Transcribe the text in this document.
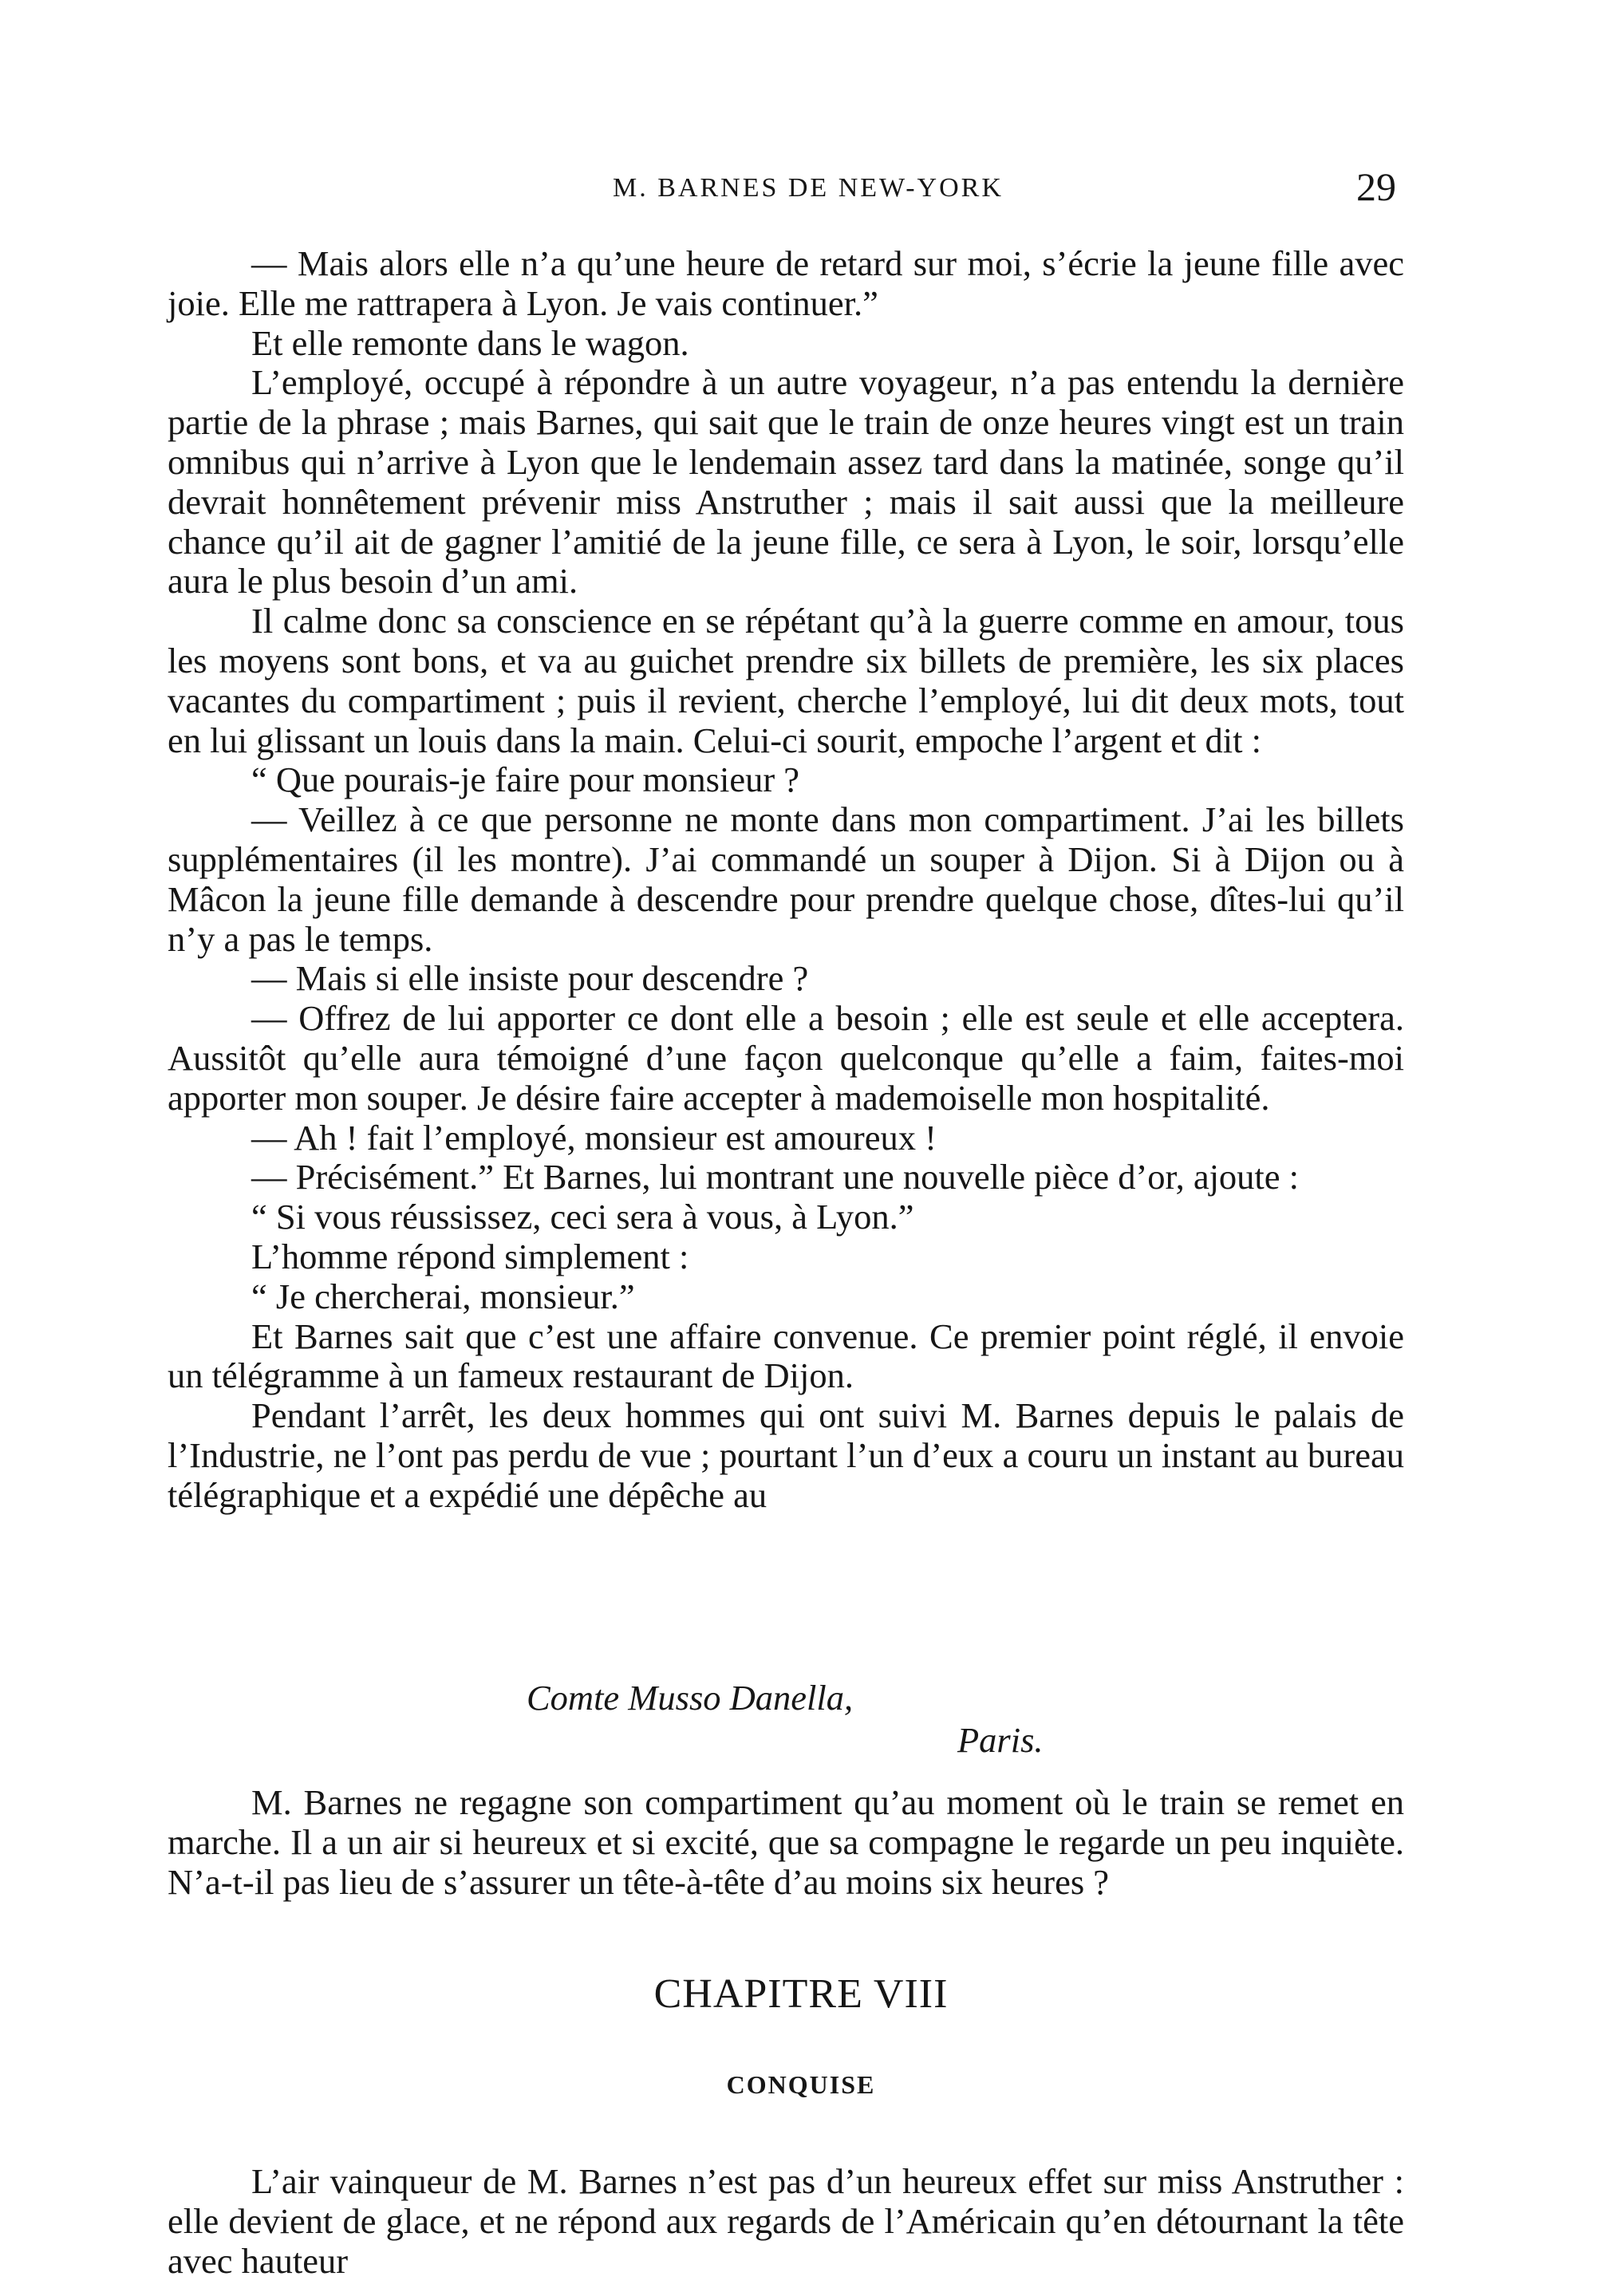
M. BARNES DE NEW-YORK	29

— Mais alors elle n’a qu’une heure de retard sur moi, s’écrie la jeune fille avec joie. Elle me rattrapera à Lyon. Je vais continuer.”

Et elle remonte dans le wagon.

L’employé, occupé à répondre à un autre voyageur, n’a pas entendu la dernière partie de la phrase ; mais Barnes, qui sait que le train de onze heures vingt est un train omnibus qui n’arrive à Lyon que le lendemain assez tard dans la matinée, songe qu’il devrait honnêtement prévenir miss Anstruther ; mais il sait aussi que la meilleure chance qu’il ait de gagner l’amitié de la jeune fille, ce sera à Lyon, le soir, lorsqu’elle aura le plus besoin d’un ami.

Il calme donc sa conscience en se répétant qu’à la guerre comme en amour, tous les moyens sont bons, et va au guichet prendre six billets de première, les six places vacantes du compartiment ; puis il revient, cherche l’employé, lui dit deux mots, tout en lui glissant un louis dans la main. Celui-ci sourit, empoche l’argent et dit :

“ Que pourais-je faire pour monsieur ?

— Veillez à ce que personne ne monte dans mon compartiment. J’ai les billets supplémentaires (il les montre). J’ai commandé un souper à Dijon. Si à Dijon ou à Mâcon la jeune fille demande à descendre pour prendre quelque chose, dîtes-lui qu’il n’y a pas le temps.

— Mais si elle insiste pour descendre ?

— Offrez de lui apporter ce dont elle a besoin ; elle est seule et elle acceptera. Aussitôt qu’elle aura témoigné d’une façon quelconque qu’elle a faim, faites-moi apporter mon souper. Je désire faire accepter à mademoiselle mon hospitalité.

— Ah ! fait l’employé, monsieur est amoureux !

— Précisément.” Et Barnes, lui montrant une nouvelle pièce d’or, ajoute :

“ Si vous réussissez, ceci sera à vous, à Lyon.”

L’homme répond simplement :

“ Je chercherai, monsieur.”

Et Barnes sait que c’est une affaire convenue. Ce premier point réglé, il envoie un télégramme à un fameux restaurant de Dijon.

Pendant l’arrêt, les deux hommes qui ont suivi M. Barnes depuis le palais de l’Industrie, ne l’ont pas perdu de vue ; pourtant l’un d’eux a couru un instant au bureau télégraphique et a expédié une dépêche au

Comte Musso Danella,
Paris.

M. Barnes ne regagne son compartiment qu’au moment où le train se remet en marche. Il a un air si heureux et si excité, que sa compagne le regarde un peu inquiète. N’a-t-il pas lieu de s’assurer un tête-à-tête d’au moins six heures ?

CHAPITRE VIII
CONQUISE

L’air vainqueur de M. Barnes n’est pas d’un heureux effet sur miss Anstruther : elle devient de glace, et ne répond aux regards de l’Américain qu’en détournant la tête avec hauteur
